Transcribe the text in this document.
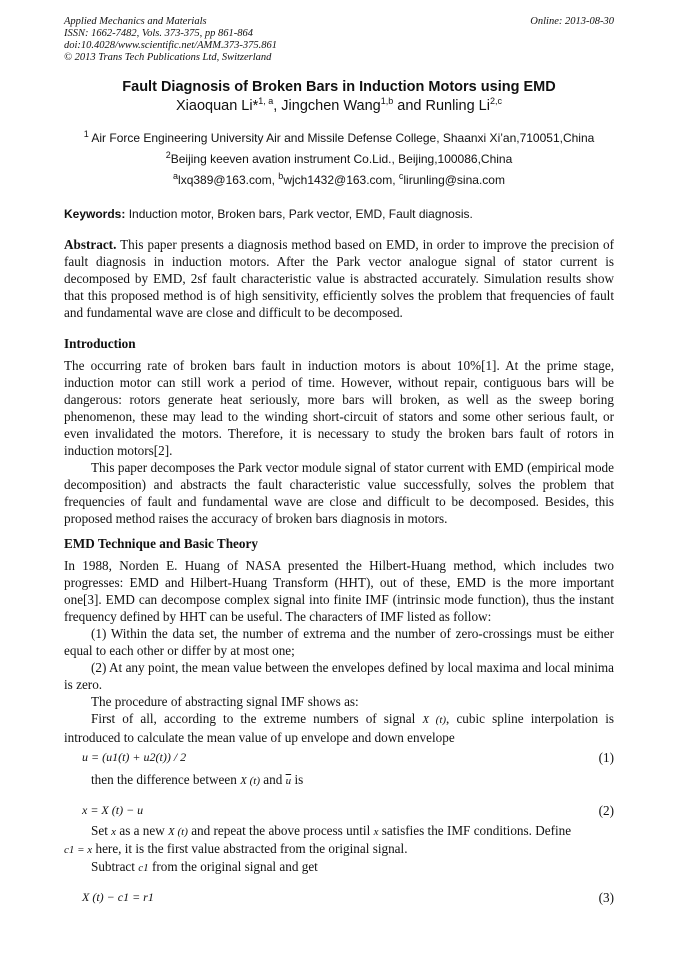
Applied Mechanics and Materials
ISSN: 1662-7482, Vols. 373-375, pp 861-864
doi:10.4028/www.scientific.net/AMM.373-375.861
© 2013 Trans Tech Publications Ltd, Switzerland
Online: 2013-08-30
Fault Diagnosis of Broken Bars in Induction Motors using EMD
Xiaoquan Li*$^{1, a}$, Jingchen Wang$^{1,b}$ and Runling Li$^{2,c}$
$^1$ Air Force Engineering University Air and Missile Defense College, Shaanxi Xi’an,710051,China
$^2$Beijing keeven avation instrument Co.Lid., Beijing,100086,China
$^a$lxq389@163.com, $^b$wjch1432@163.com, $^c$lirunling@sina.com
Keywords: Induction motor, Broken bars, Park vector, EMD, Fault diagnosis.

Abstract. This paper presents a diagnosis method based on EMD, in order to improve the precision of fault diagnosis in induction motors. After the Park vector analogue signal of stator current is decomposed by EMD, 2sf fault characteristic value is abstracted accurately. Simulation results show that this proposed method is of high sensitivity, efficiently solves the problem that frequencies of fault and fundamental wave are close and difficult to be decomposed.

Introduction

The occurring rate of broken bars fault in induction motors is about 10%[1]. At the prime stage, induction motor can still work a period of time. However, without repair, contiguous bars will be dangerous: rotors generate heat seriously, more bars will broken, as well as the sweep boring phenomenon, these may lead to the winding short-circuit of stators and some other serious fault, or even invalidated the motors. Therefore, it is necessary to study the broken bars fault of rotors in induction motors[2].

This paper decomposes the Park vector module signal of stator current with EMD (empirical mode decomposition) and abstracts the fault characteristic value successfully, solves the problem that frequencies of fault and fundamental wave are close and difficult to be decomposed. Besides, this proposed method raises the accuracy of broken bars diagnosis in motors.

EMD Technique and Basic Theory

In 1988, Norden E. Huang of NASA presented the Hilbert-Huang method, which includes two progresses: EMD and Hilbert-Huang Transform (HHT), out of these, EMD is the more important one[3]. EMD can decompose complex signal into finite IMF (intrinsic mode function), thus the instant frequency defined by HHT can be useful. The characters of IMF listed as follow:

(1) Within the data set, the number of extrema and the number of zero-crossings must be either equal to each other or differ by at most one;

(2) At any point, the mean value between the envelopes defined by local maxima and local minima is zero.

The procedure of abstracting signal IMF shows as:

First of all, according to the extreme numbers of signal X (t), cubic spline interpolation is introduced to calculate the mean value of up envelope and down envelope

u = (u1(t) + u2(t)) / 2	(1)
then the difference between X (t) and $\overline{u}$ is
x = X (t) − u	(2)
Set x as a new X (t) and repeat the above process until x satisfies the IMF conditions. Define
c1 = x here, it is the first value abstracted from the original signal.
Subtract c1 from the original signal and get
X (t) − c1 = r1	(3)
